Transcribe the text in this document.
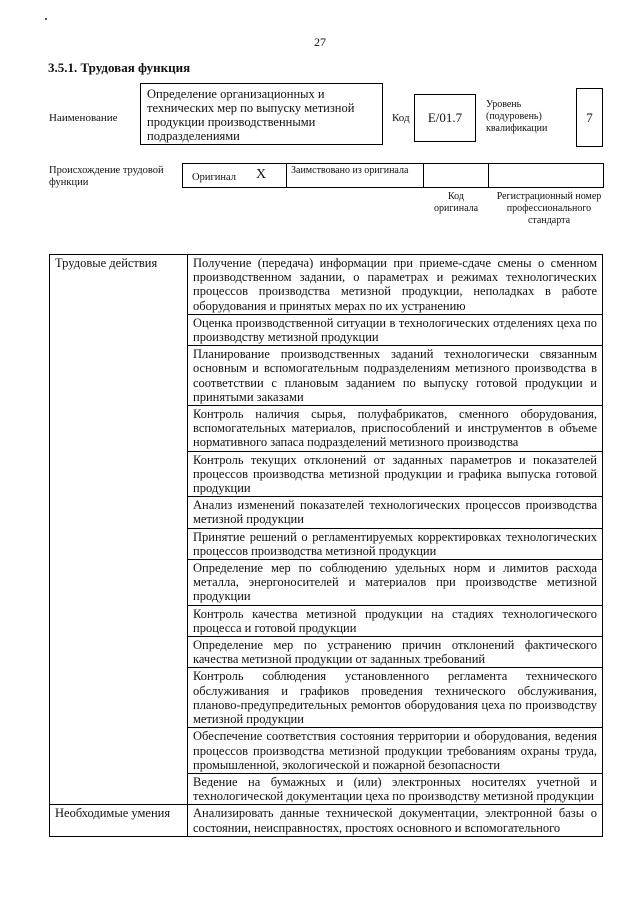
27
3.5.1. Трудовая функция
Наименование
Определение организационных и технических мер по выпуску метизной продукции производственными подразделениями
Код E/01.7
Уровень (подуровень) квалификации
7
Происхождение трудовой функции	Оригинал X Заимствовано из оригинала
Код оригинала
Регистрационный номер профессионального стандарта
Трудовые действия	Получение (передача) информации при приеме-сдаче смены о сменном производственном задании, о параметрах и режимах технологических процессов производства метизной продукции, неполадках в работе оборудования и принятых мерах по их устранению
	Оценка производственной ситуации в технологических отделениях цеха по производству метизной продукции
	Планирование производственных заданий технологически связанным основным и вспомогательным подразделениям метизного производства в соответствии с плановым заданием по выпуску готовой продукции и принятыми заказами
	Контроль наличия сырья, полуфабрикатов, сменного оборудования, вспомогательных материалов, приспособлений и инструментов в объеме нормативного запаса подразделений метизного производства
	Контроль текущих отклонений от заданных параметров и показателей процессов производства метизной продукции и графика выпуска готовой продукции
	Анализ изменений показателей технологических процессов производства метизной продукции
	Принятие решений о регламентируемых корректировках технологических процессов производства метизной продукции
	Определение мер по соблюдению удельных норм и лимитов расхода металла, энергоносителей и материалов при производстве метизной продукции
	Контроль качества метизной продукции на стадиях технологического процесса и готовой продукции
	Определение мер по устранению причин отклонений фактического качества метизной продукции от заданных требований
	Контроль соблюдения установленного регламента технического обслуживания и графиков проведения технического обслуживания, планово-предупредительных ремонтов оборудования цеха по производству метизной продукции
	Обеспечение соответствия состояния территории и оборудования, ведения процессов производства метизной продукции требованиям охраны труда, промышленной, экологической и пожарной безопасности
	Ведение на бумажных и (или) электронных носителях учетной и технологической документации цеха по производству метизной продукции
Необходимые умения	Анализировать данные технической документации, электронной базы о состоянии, неисправностях, простоях основного и вспомогательного
